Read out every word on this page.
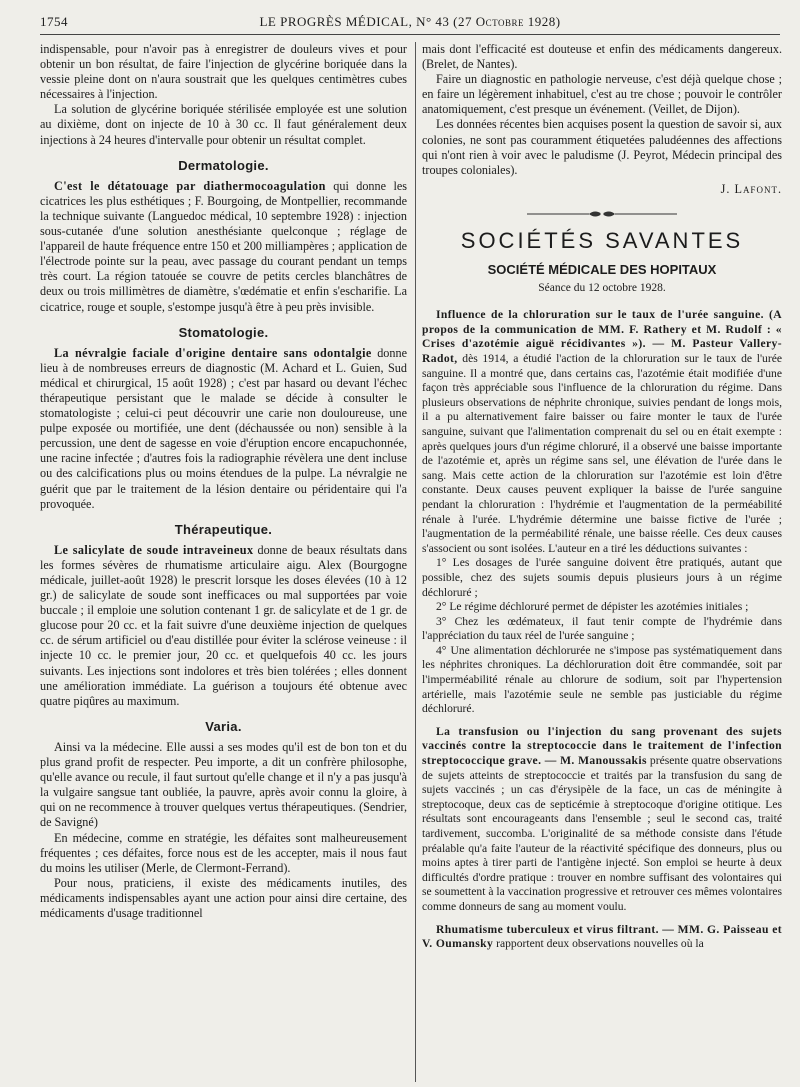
1754	LE PROGRÈS MÉDICAL, N° 43 (27 Octobre 1928)

indispensable, pour n'avoir pas à enregistrer de douleurs vives et pour obtenir un bon résultat, de faire l'injection de glycérine boriquée dans la vessie pleine dont on n'aura soustrait que les quelques centimètres cubes nécessaires à l'injection.

La solution de glycérine boriquée stérilisée employée est une solution au dixième, dont on injecte de 10 à 30 cc. Il faut généralement deux injections à 24 heures d'intervalle pour obtenir un résultat complet.

Dermatologie.

C'est le détatouage par diathermocoagulation qui donne les cicatrices les plus esthétiques ; F. Bourgoing, de Montpellier, recommande la technique suivante (Languedoc médical, 10 septembre 1928) : injection sous-cutanée d'une solution anesthésiante quelconque ; réglage de l'appareil de haute fréquence entre 150 et 200 milliampères ; application de l'électrode pointe sur la peau, avec passage du courant pendant un temps très court. La région tatouée se couvre de petits cercles blanchâtres de deux ou trois millimètres de diamètre, s'œdématie et enfin s'escharifie. La cicatrice, rouge et souple, s'estompe jusqu'à être à peu près invisible.

Stomatologie.

La névralgie faciale d'origine dentaire sans odontalgie donne lieu à de nombreuses erreurs de diagnostic (M. Achard et L. Guien, Sud médical et chirurgical, 15 août 1928) ; c'est par hasard ou devant l'échec thérapeutique persistant que le malade se décide à consulter le stomatologiste ; celui-ci peut découvrir une carie non douloureuse, une pulpe exposée ou mortifiée, une dent (déchaussée ou non) sensible à la percussion, une dent de sagesse en voie d'éruption encore encapuchonnée, une racine infectée ; d'autres fois la radiographie révèlera une dent incluse ou des calcifications plus ou moins étendues de la pulpe. La névralgie ne guérit que par le traitement de la lésion dentaire ou péridentaire qui l'a provoquée.

Thérapeutique.

Le salicylate de soude intraveineux donne de beaux résultats dans les formes sévères de rhumatisme articulaire aigu. Alex (Bourgogne médicale, juillet-août 1928) le prescrit lorsque les doses élevées (10 à 12 gr.) de salicylate de soude sont inefficaces ou mal supportées par voie buccale ; il emploie une solution contenant 1 gr. de salicylate et de 1 gr. de glucose pour 20 cc. et la fait suivre d'une deuxième injection de quelques cc. de sérum artificiel ou d'eau distillée pour éviter la sclérose veineuse : il injecte 10 cc. le premier jour, 20 cc. et quelquefois 40 cc. les jours suivants. Les injections sont indolores et très bien tolérées ; elles donnent une amélioration immédiate. La guérison a toujours été obtenue avec quatre piqûres au maximum.

Varia.

Ainsi va la médecine. Elle aussi a ses modes qu'il est de bon ton et du plus grand profit de respecter. Peu importe, a dit un confrère philosophe, qu'elle avance ou recule, il faut surtout qu'elle change et il n'y a pas jusqu'à la vulgaire sangsue tant oubliée, la pauvre, après avoir connu la gloire, à qui on ne recommence à trouver quelques vertus thérapeutiques. (Sendrier, de Savigné)

En médecine, comme en stratégie, les défaites sont malheureusement fréquentes ; ces défaites, force nous est de les accepter, mais il nous faut du moins les utiliser (Merle, de Clermont-Ferrand).

Pour nous, praticiens, il existe des médicaments inutiles, des médicaments indispensables ayant une action pour ainsi dire certaine, des médicaments d'usage traditionnel

mais dont l'efficacité est douteuse et enfin des médicaments dangereux. (Brelet, de Nantes).

Faire un diagnostic en pathologie nerveuse, c'est déjà quelque chose ; en faire un légèrement inhabituel, c'est au tre chose ; pouvoir le contrôler anatomiquement, c'est presque un événement. (Veillet, de Dijon).

Les données récentes bien acquises posent la question de savoir si, aux colonies, ne sont pas couramment étiquetées paludéennes des affections qui n'ont rien à voir avec le paludisme (J. Peyrot, Médecin principal des troupes coloniales).

J. Lafont.

SOCIÉTÉS SAVANTES
SOCIÉTÉ MÉDICALE DES HOPITAUX
Séance du 12 octobre 1928.

Influence de la chloruration sur le taux de l'urée sanguine. (A propos de la communication de MM. F. Rathery et M. Rudolf : « Crises d'azotémie aiguë récidivantes »). — M. Pasteur Vallery-Radot, dès 1914, a étudié l'action de la chloruration sur le taux de l'urée sanguine. Il a montré que, dans certains cas, l'azotémie était modifiée d'une façon très appréciable sous l'influence de la chloruration du régime. Dans plusieurs observations de néphrite chronique, suivies pendant de longs mois, il a pu alternativement faire baisser ou faire monter le taux de l'urée sanguine, suivant que l'alimentation comprenait du sel ou en était exempte : après quelques jours d'un régime chloruré, il a observé une baisse importante de l'azotémie et, après un régime sans sel, une élévation de l'urée dans le sang. Mais cette action de la chloruration sur l'azotémie est loin d'être constante. Deux causes peuvent expliquer la baisse de l'urée sanguine pendant la chloruration : l'hydrémie et l'augmentation de la perméabilité rénale à l'urée. L'hydrémie détermine une baisse fictive de l'urée ; l'augmentation de la perméabilité rénale, une baisse réelle. Ces deux causes s'associent ou sont isolées. L'auteur en a tiré les déductions suivantes :

1° Les dosages de l'urée sanguine doivent être pratiqués, autant que possible, chez des sujets soumis depuis plusieurs jours à un régime déchloruré ;

2° Le régime déchloruré permet de dépister les azotémies initiales ;

3° Chez les œdémateux, il faut tenir compte de l'hydrémie dans l'appréciation du taux réel de l'urée sanguine ;

4° Une alimentation déchlorurée ne s'impose pas systématiquement dans les néphrites chroniques. La déchloruration doit être commandée, soit par l'imperméabilité rénale au chlorure de sodium, soit par l'hypertension artérielle, mais l'azotémie seule ne semble pas justiciable du régime déchloruré.

La transfusion ou l'injection du sang provenant des sujets vaccinés contre la streptococcie dans le traitement de l'infection streptococcique grave. — M. Manoussakis présente quatre observations de sujets atteints de streptococcie et traités par la transfusion du sang de sujets vaccinés ; un cas d'érysipèle de la face, un cas de méningite à streptocoque, deux cas de septicémie à streptocoque d'origine otitique. Les résultats sont encourageants dans l'ensemble ; seul le second cas, traité tardivement, succomba. L'originalité de sa méthode consiste dans l'étude préalable qu'a faite l'auteur de la réactivité spécifique des donneurs, plus ou moins aptes à tirer parti de l'antigène injecté. Son emploi se heurte à deux difficultés d'ordre pratique : trouver en nombre suffisant des volontaires qui se soumettent à la vaccination progressive et retrouver ces mêmes volontaires comme donneurs de sang au moment voulu.

Rhumatisme tuberculeux et virus filtrant. — MM. G. Paisseau et V. Oumansky rapportent deux observations nouvelles où la
